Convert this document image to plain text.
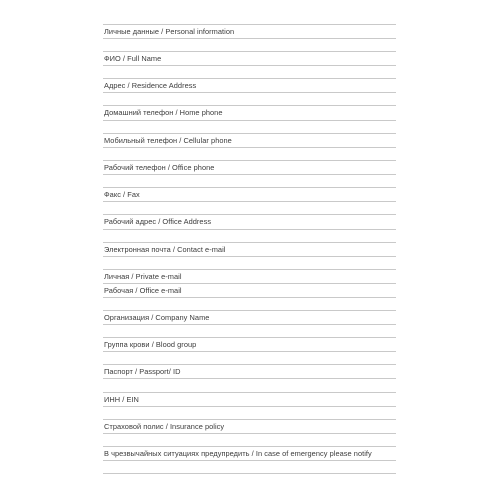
Личные данные / Personal information
ФИО / Full Name
Адрес / Residence Address
Домашний телефон / Home phone
Мобильный телефон / Cellular phone
Рабочий телефон / Office phone
Факс / Fax
Рабочий адрес / Office Address
Электронная почта / Contact e-mail
Личная / Private e-mail
Рабочая / Office e-mail
Организация / Company Name
Группа крови / Blood group
Паспорт / Passport/ ID
ИНН / EIN
Страховой полис / Insurance policy
В чрезвычайных ситуациях предупредить / In case of emergency please notify
